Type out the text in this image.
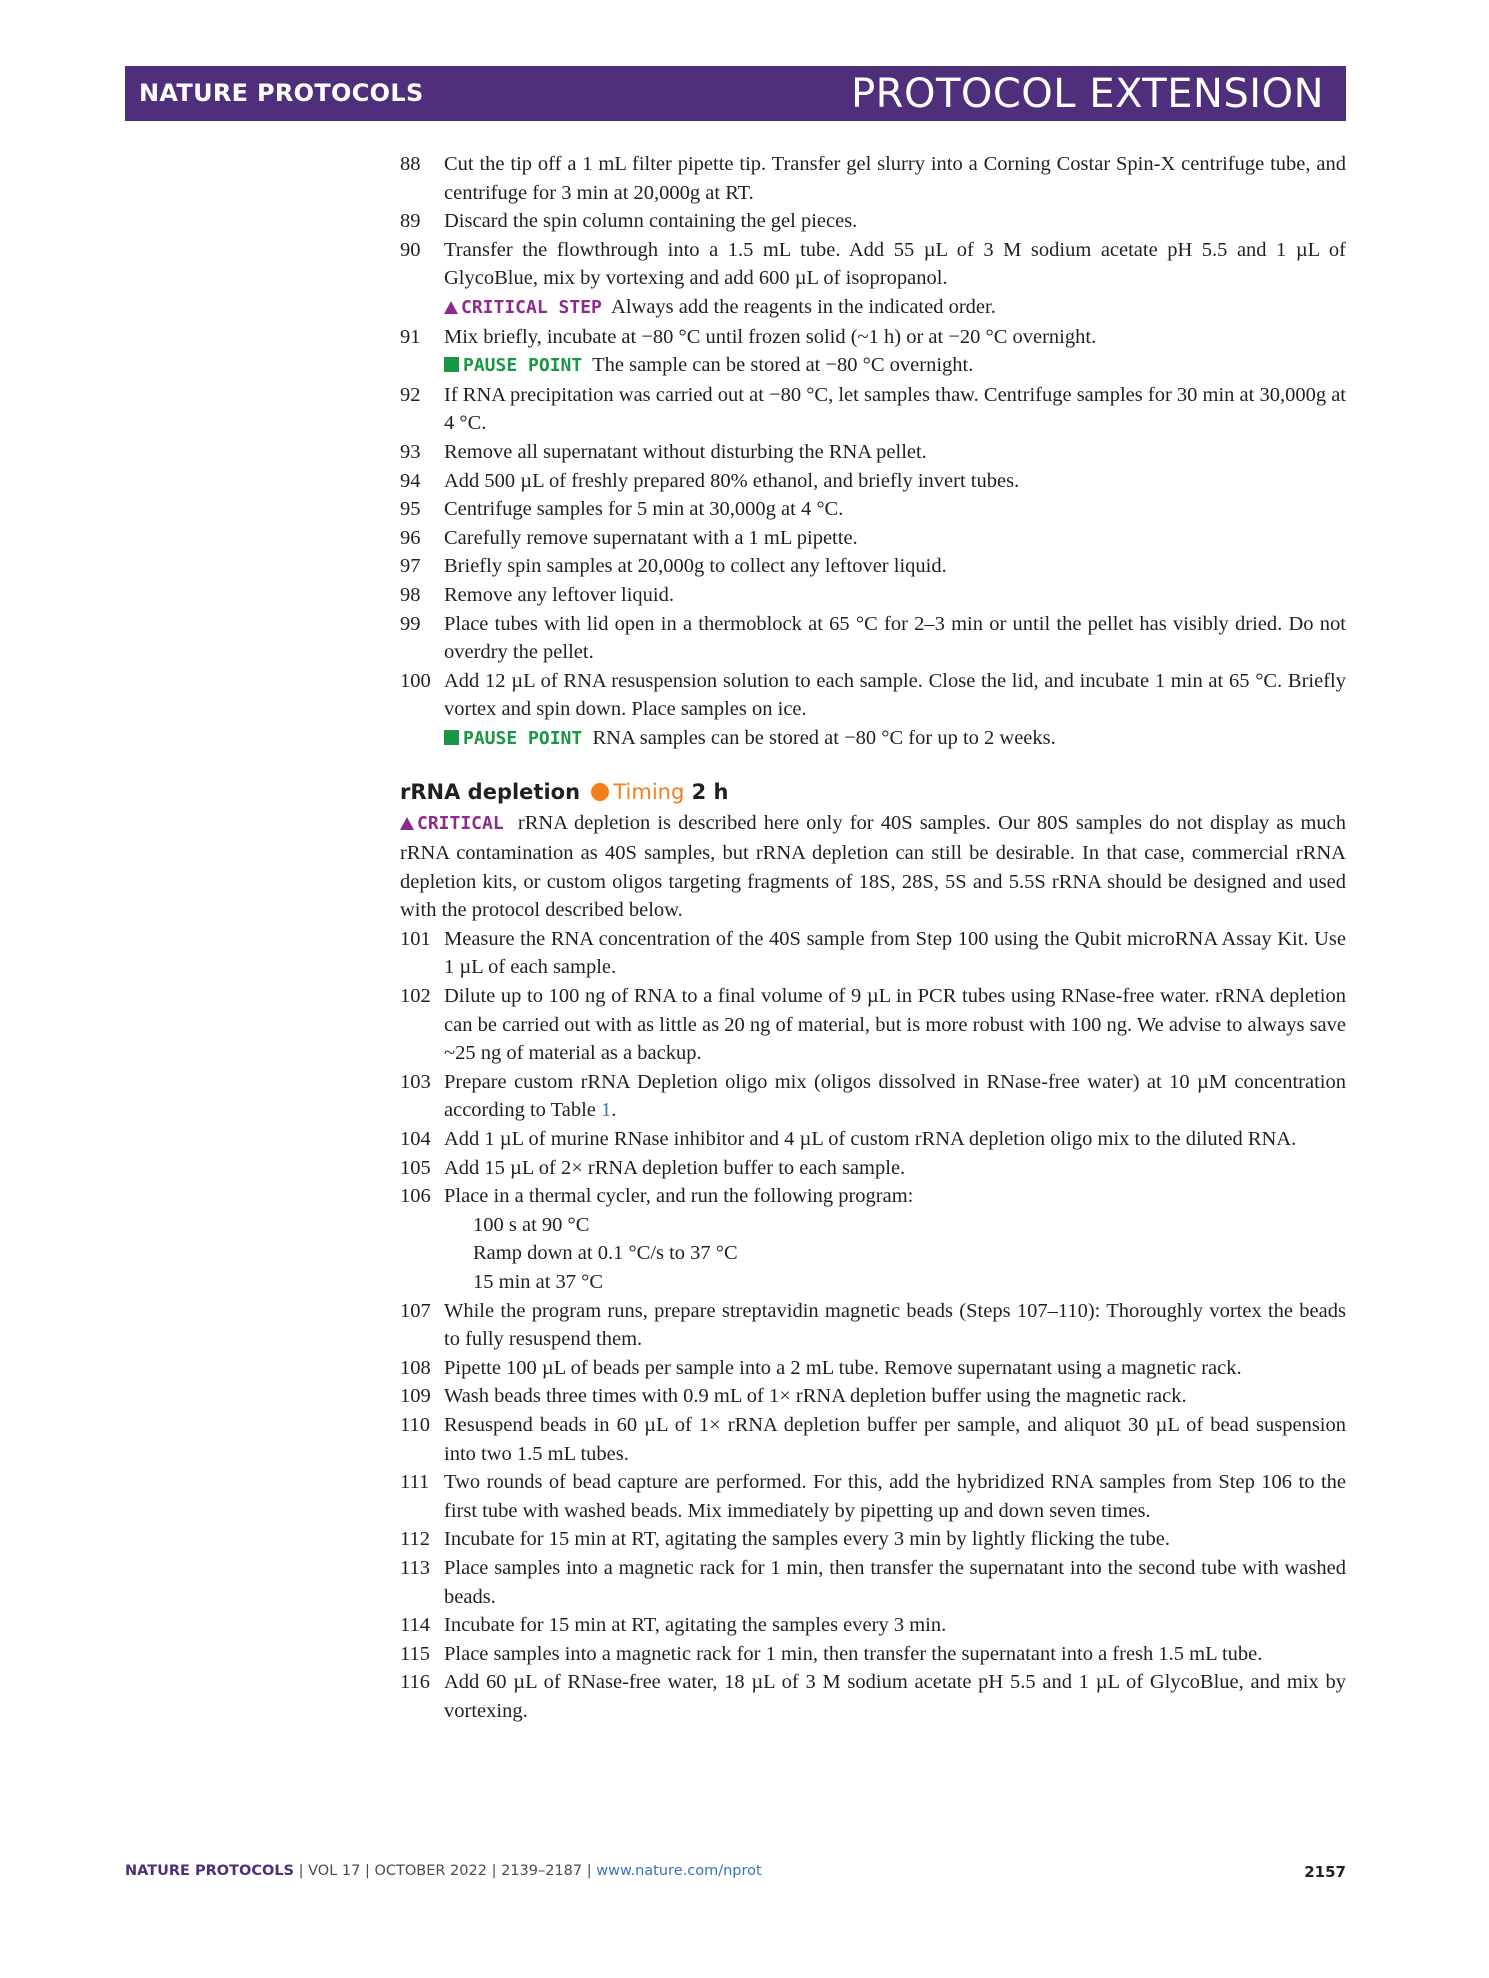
NATURE PROTOCOLS	PROTOCOL EXTENSION
88 Cut the tip off a 1 mL filter pipette tip. Transfer gel slurry into a Corning Costar Spin-X centrifuge tube, and centrifuge for 3 min at 20,000g at RT.
89 Discard the spin column containing the gel pieces.
90 Transfer the flowthrough into a 1.5 mL tube. Add 55 µL of 3 M sodium acetate pH 5.5 and 1 µL of GlycoBlue, mix by vortexing and add 600 µL of isopropanol.
CRITICAL STEP Always add the reagents in the indicated order.
91 Mix briefly, incubate at −80 °C until frozen solid (~1 h) or at −20 °C overnight.
PAUSE POINT The sample can be stored at −80 °C overnight.
92 If RNA precipitation was carried out at −80 °C, let samples thaw. Centrifuge samples for 30 min at 30,000g at 4 °C.
93 Remove all supernatant without disturbing the RNA pellet.
94 Add 500 µL of freshly prepared 80% ethanol, and briefly invert tubes.
95 Centrifuge samples for 5 min at 30,000g at 4 °C.
96 Carefully remove supernatant with a 1 mL pipette.
97 Briefly spin samples at 20,000g to collect any leftover liquid.
98 Remove any leftover liquid.
99 Place tubes with lid open in a thermoblock at 65 °C for 2–3 min or until the pellet has visibly dried. Do not overdry the pellet.
100 Add 12 µL of RNA resuspension solution to each sample. Close the lid, and incubate 1 min at 65 °C. Briefly vortex and spin down. Place samples on ice.
PAUSE POINT RNA samples can be stored at −80 °C for up to 2 weeks.
rRNA depletion Timing 2 h
CRITICAL rRNA depletion is described here only for 40S samples. Our 80S samples do not display as much rRNA contamination as 40S samples, but rRNA depletion can still be desirable. In that case, commercial rRNA depletion kits, or custom oligos targeting fragments of 18S, 28S, 5S and 5.5S rRNA should be designed and used with the protocol described below.
101 Measure the RNA concentration of the 40S sample from Step 100 using the Qubit microRNA Assay Kit. Use 1 µL of each sample.
102 Dilute up to 100 ng of RNA to a final volume of 9 µL in PCR tubes using RNase-free water. rRNA depletion can be carried out with as little as 20 ng of material, but is more robust with 100 ng. We advise to always save ~25 ng of material as a backup.
103 Prepare custom rRNA Depletion oligo mix (oligos dissolved in RNase-free water) at 10 µM concentration according to Table 1.
104 Add 1 µL of murine RNase inhibitor and 4 µL of custom rRNA depletion oligo mix to the diluted RNA.
105 Add 15 µL of 2× rRNA depletion buffer to each sample.
106 Place in a thermal cycler, and run the following program:
100 s at 90 °C
Ramp down at 0.1 °C/s to 37 °C
15 min at 37 °C
107 While the program runs, prepare streptavidin magnetic beads (Steps 107–110): Thoroughly vortex the beads to fully resuspend them.
108 Pipette 100 µL of beads per sample into a 2 mL tube. Remove supernatant using a magnetic rack.
109 Wash beads three times with 0.9 mL of 1× rRNA depletion buffer using the magnetic rack.
110 Resuspend beads in 60 µL of 1× rRNA depletion buffer per sample, and aliquot 30 µL of bead suspension into two 1.5 mL tubes.
111 Two rounds of bead capture are performed. For this, add the hybridized RNA samples from Step 106 to the first tube with washed beads. Mix immediately by pipetting up and down seven times.
112 Incubate for 15 min at RT, agitating the samples every 3 min by lightly flicking the tube.
113 Place samples into a magnetic rack for 1 min, then transfer the supernatant into the second tube with washed beads.
114 Incubate for 15 min at RT, agitating the samples every 3 min.
115 Place samples into a magnetic rack for 1 min, then transfer the supernatant into a fresh 1.5 mL tube.
116 Add 60 µL of RNase-free water, 18 µL of 3 M sodium acetate pH 5.5 and 1 µL of GlycoBlue, and mix by vortexing.
NATURE PROTOCOLS | VOL 17 | OCTOBER 2022 | 2139–2187 | www.nature.com/nprot	2157
